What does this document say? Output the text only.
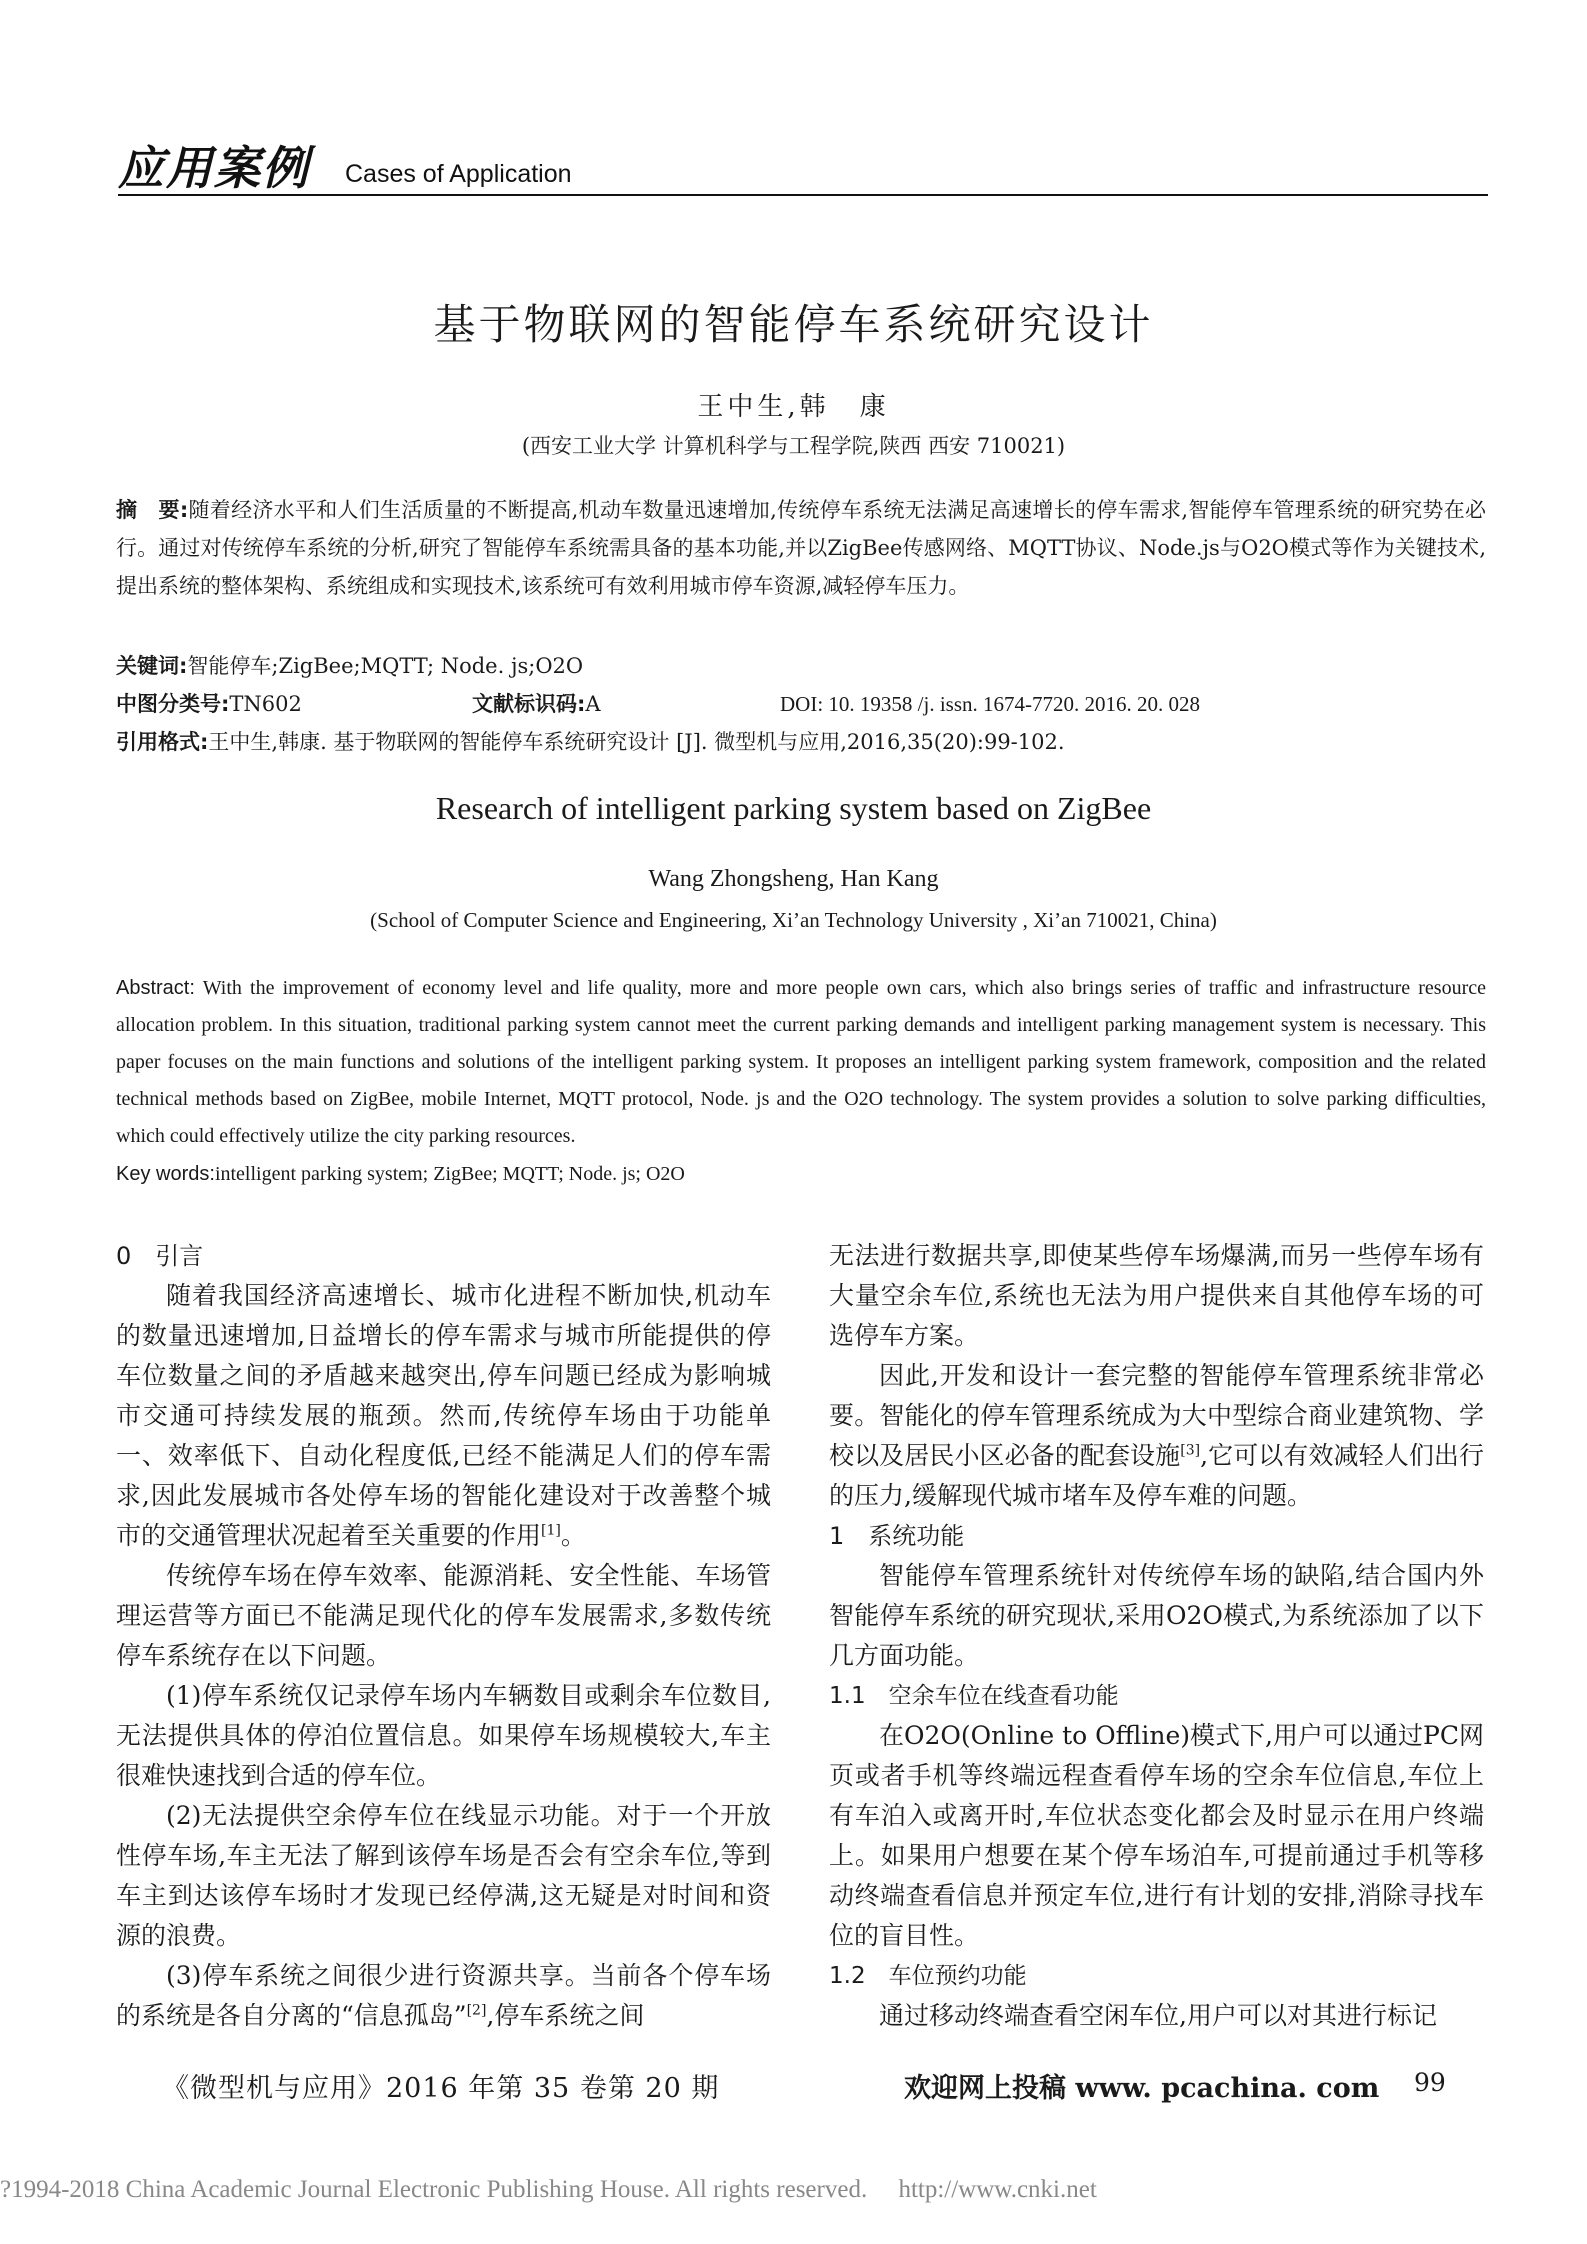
应用案例 Cases of Application
基于物联网的智能停车系统研究设计
王中生,韩　康
(西安工业大学 计算机科学与工程学院,陕西 西安 710021)
摘　要:随着经济水平和人们生活质量的不断提高,机动车数量迅速增加,传统停车系统无法满足高速增长的停车需求,智能停车管理系统的研究势在必行。通过对传统停车系统的分析,研究了智能停车系统需具备的基本功能,并以ZigBee传感网络、MQTT协议、Node.js与O2O模式等作为关键技术,提出系统的整体架构、系统组成和实现技术,该系统可有效利用城市停车资源,减轻停车压力。
关键词:智能停车;ZigBee;MQTT; Node. js;O2O
中图分类号:TN602	文献标识码:A	DOI: 10. 19358 /j. issn. 1674-7720. 2016. 20. 028
引用格式:王中生,韩康. 基于物联网的智能停车系统研究设计 [J]. 微型机与应用,2016,35(20):99-102.
Research of intelligent parking system based on ZigBee
Wang Zhongsheng, Han Kang
(School of Computer Science and Engineering, Xi’an Technology University , Xi’an 710021, China)
Abstract: With the improvement of economy level and life quality, more and more people own cars, which also brings series of traffic and infrastructure resource allocation problem. In this situation, traditional parking system cannot meet the current parking demands and intelligent parking management system is necessary. This paper focuses on the main functions and solutions of the intelligent parking system. It proposes an intelligent parking system framework, composition and the related technical methods based on ZigBee, mobile Internet, MQTT protocol, Node. js and the O2O technology. The system provides a solution to solve parking difficulties, which could effectively utilize the city parking resources.
Key words:intelligent parking system; ZigBee; MQTT; Node. js; O2O
0　引言

随着我国经济高速增长、城市化进程不断加快,机动车的数量迅速增加,日益增长的停车需求与城市所能提供的停车位数量之间的矛盾越来越突出,停车问题已经成为影响城市交通可持续发展的瓶颈。然而,传统停车场由于功能单一、效率低下、自动化程度低,已经不能满足人们的停车需求,因此发展城市各处停车场的智能化建设对于改善整个城市的交通管理状况起着至关重要的作用[1]。

传统停车场在停车效率、能源消耗、安全性能、车场管理运营等方面已不能满足现代化的停车发展需求,多数传统停车系统存在以下问题。

(1)停车系统仅记录停车场内车辆数目或剩余车位数目,无法提供具体的停泊位置信息。如果停车场规模较大,车主很难快速找到合适的停车位。

(2)无法提供空余停车位在线显示功能。对于一个开放性停车场,车主无法了解到该停车场是否会有空余车位,等到车主到达该停车场时才发现已经停满,这无疑是对时间和资源的浪费。

(3)停车系统之间很少进行资源共享。当前各个停车场的系统是各自分离的“信息孤岛”[2],停车系统之间

无法进行数据共享,即使某些停车场爆满,而另一些停车场有大量空余车位,系统也无法为用户提供来自其他停车场的可选停车方案。

因此,开发和设计一套完整的智能停车管理系统非常必要。智能化的停车管理系统成为大中型综合商业建筑物、学校以及居民小区必备的配套设施[3],它可以有效减轻人们出行的压力,缓解现代城市堵车及停车难的问题。

1　系统功能

智能停车管理系统针对传统停车场的缺陷,结合国内外智能停车系统的研究现状,采用O2O模式,为系统添加了以下几方面功能。

1.1　空余车位在线查看功能

在O2O(Online to Offline)模式下,用户可以通过PC网页或者手机等终端远程查看停车场的空余车位信息,车位上有车泊入或离开时,车位状态变化都会及时显示在用户终端上。如果用户想要在某个停车场泊车,可提前通过手机等移动终端查看信息并预定车位,进行有计划的安排,消除寻找车位的盲目性。

1.2　车位预约功能

通过移动终端查看空闲车位,用户可以对其进行标记

《微型机与应用》2016 年第 35 卷第 20 期	欢迎网上投稿 www. pcachina. com 99
?1994-2018 China Academic Journal Electronic Publishing House. All rights reserved.　 http://www.cnki.net
